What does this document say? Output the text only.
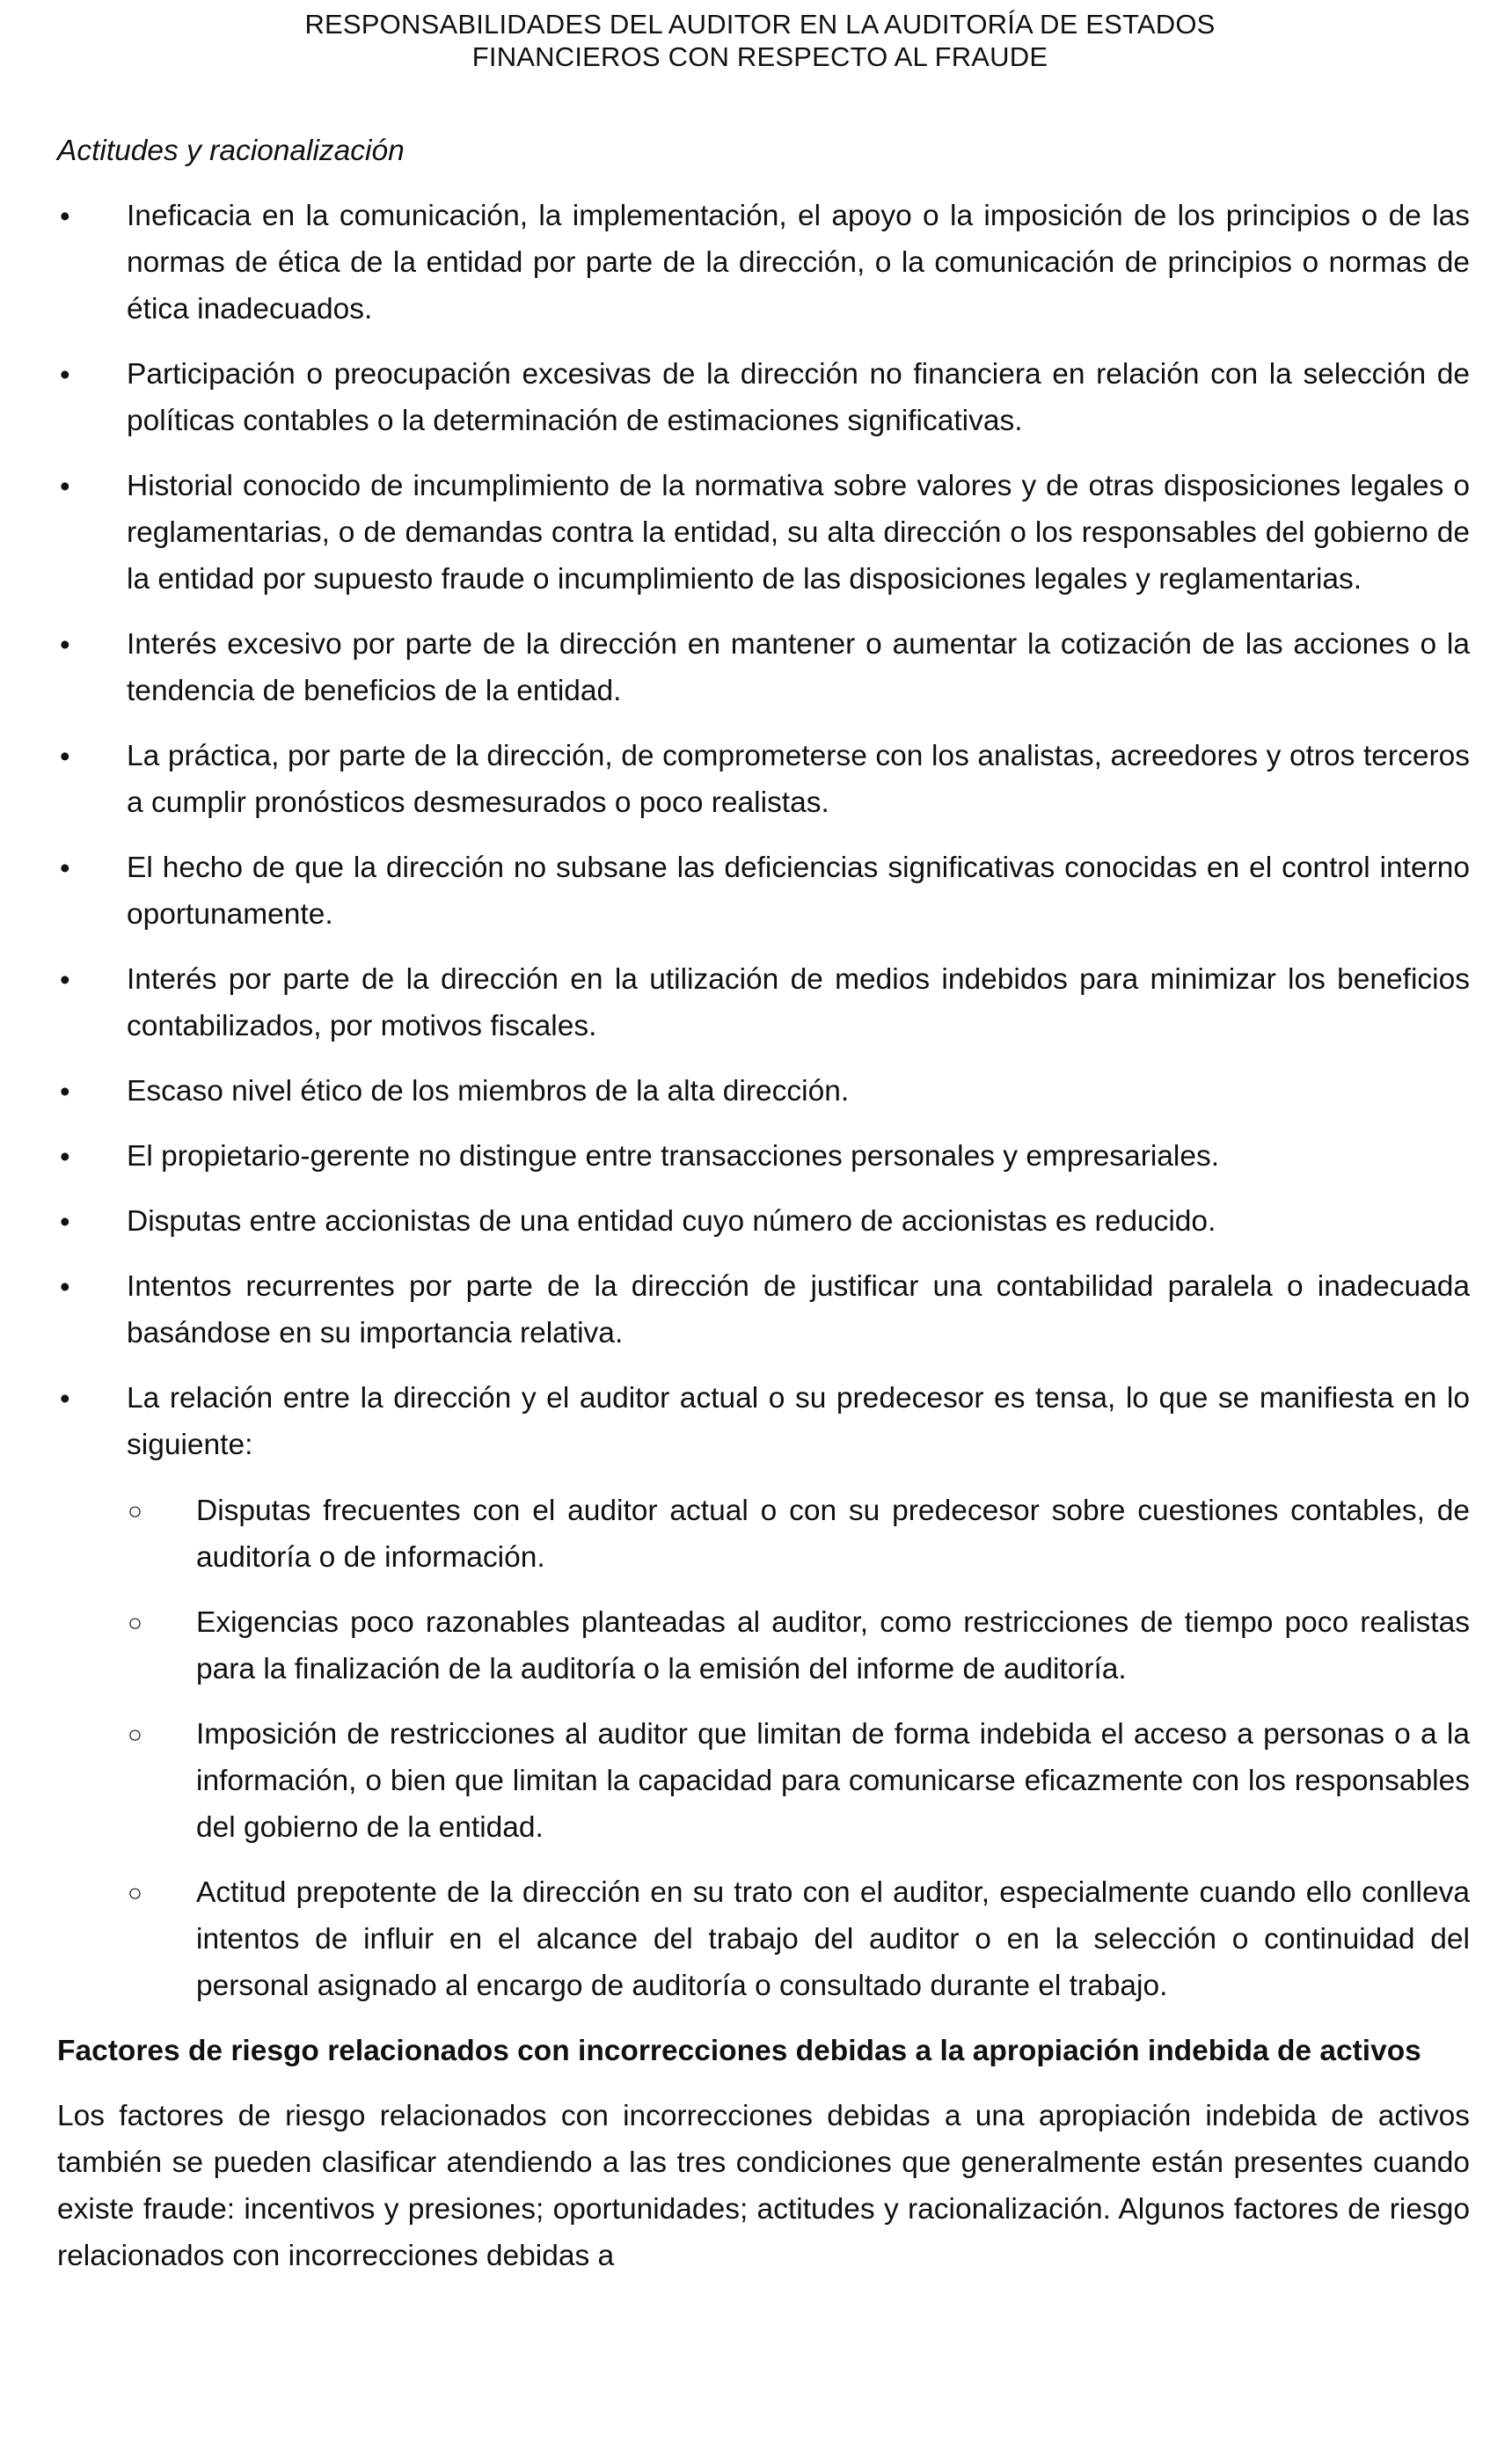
RESPONSABILIDADES DEL AUDITOR EN LA AUDITORÍA DE ESTADOS
FINANCIEROS CON RESPECTO AL FRAUDE
Actitudes y racionalización
• Ineficacia en la comunicación, la implementación, el apoyo o la imposición de los principios o de las normas de ética de la entidad por parte de la dirección, o la comunicación de principios o normas de ética inadecuados.
• Participación o preocupación excesivas de la dirección no financiera en relación con la selección de políticas contables o la determinación de estimaciones significativas.
• Historial conocido de incumplimiento de la normativa sobre valores y de otras disposiciones legales o reglamentarias, o de demandas contra la entidad, su alta dirección o los responsables del gobierno de la entidad por supuesto fraude o incumplimiento de las disposiciones legales y reglamentarias.
• Interés excesivo por parte de la dirección en mantener o aumentar la cotización de las acciones o la tendencia de beneficios de la entidad.
• La práctica, por parte de la dirección, de comprometerse con los analistas, acreedores y otros terceros a cumplir pronósticos desmesurados o poco realistas.
• El hecho de que la dirección no subsane las deficiencias significativas conocidas en el control interno oportunamente.
• Interés por parte de la dirección en la utilización de medios indebidos para minimizar los beneficios contabilizados, por motivos fiscales.
• Escaso nivel ético de los miembros de la alta dirección.
• El propietario-gerente no distingue entre transacciones personales y empresariales.
• Disputas entre accionistas de una entidad cuyo número de accionistas es reducido.
• Intentos recurrentes por parte de la dirección de justificar una contabilidad paralela o inadecuada basándose en su importancia relativa.
• La relación entre la dirección y el auditor actual o su predecesor es tensa, lo que se manifiesta en lo siguiente:
○ Disputas frecuentes con el auditor actual o con su predecesor sobre cuestiones contables, de auditoría o de información.
○ Exigencias poco razonables planteadas al auditor, como restricciones de tiempo poco realistas para la finalización de la auditoría o la emisión del informe de auditoría.
○ Imposición de restricciones al auditor que limitan de forma indebida el acceso a personas o a la información, o bien que limitan la capacidad para comunicarse eficazmente con los responsables del gobierno de la entidad.
○ Actitud prepotente de la dirección en su trato con el auditor, especialmente cuando ello conlleva intentos de influir en el alcance del trabajo del auditor o en la selección o continuidad del personal asignado al encargo de auditoría o consultado durante el trabajo.
Factores de riesgo relacionados con incorrecciones debidas a la apropiación indebida de activos

Los factores de riesgo relacionados con incorrecciones debidas a una apropiación indebida de activos también se pueden clasificar atendiendo a las tres condiciones que generalmente están presentes cuando existe fraude: incentivos y presiones; oportunidades; actitudes y racionalización. Algunos factores de riesgo relacionados con incorrecciones debidas a
